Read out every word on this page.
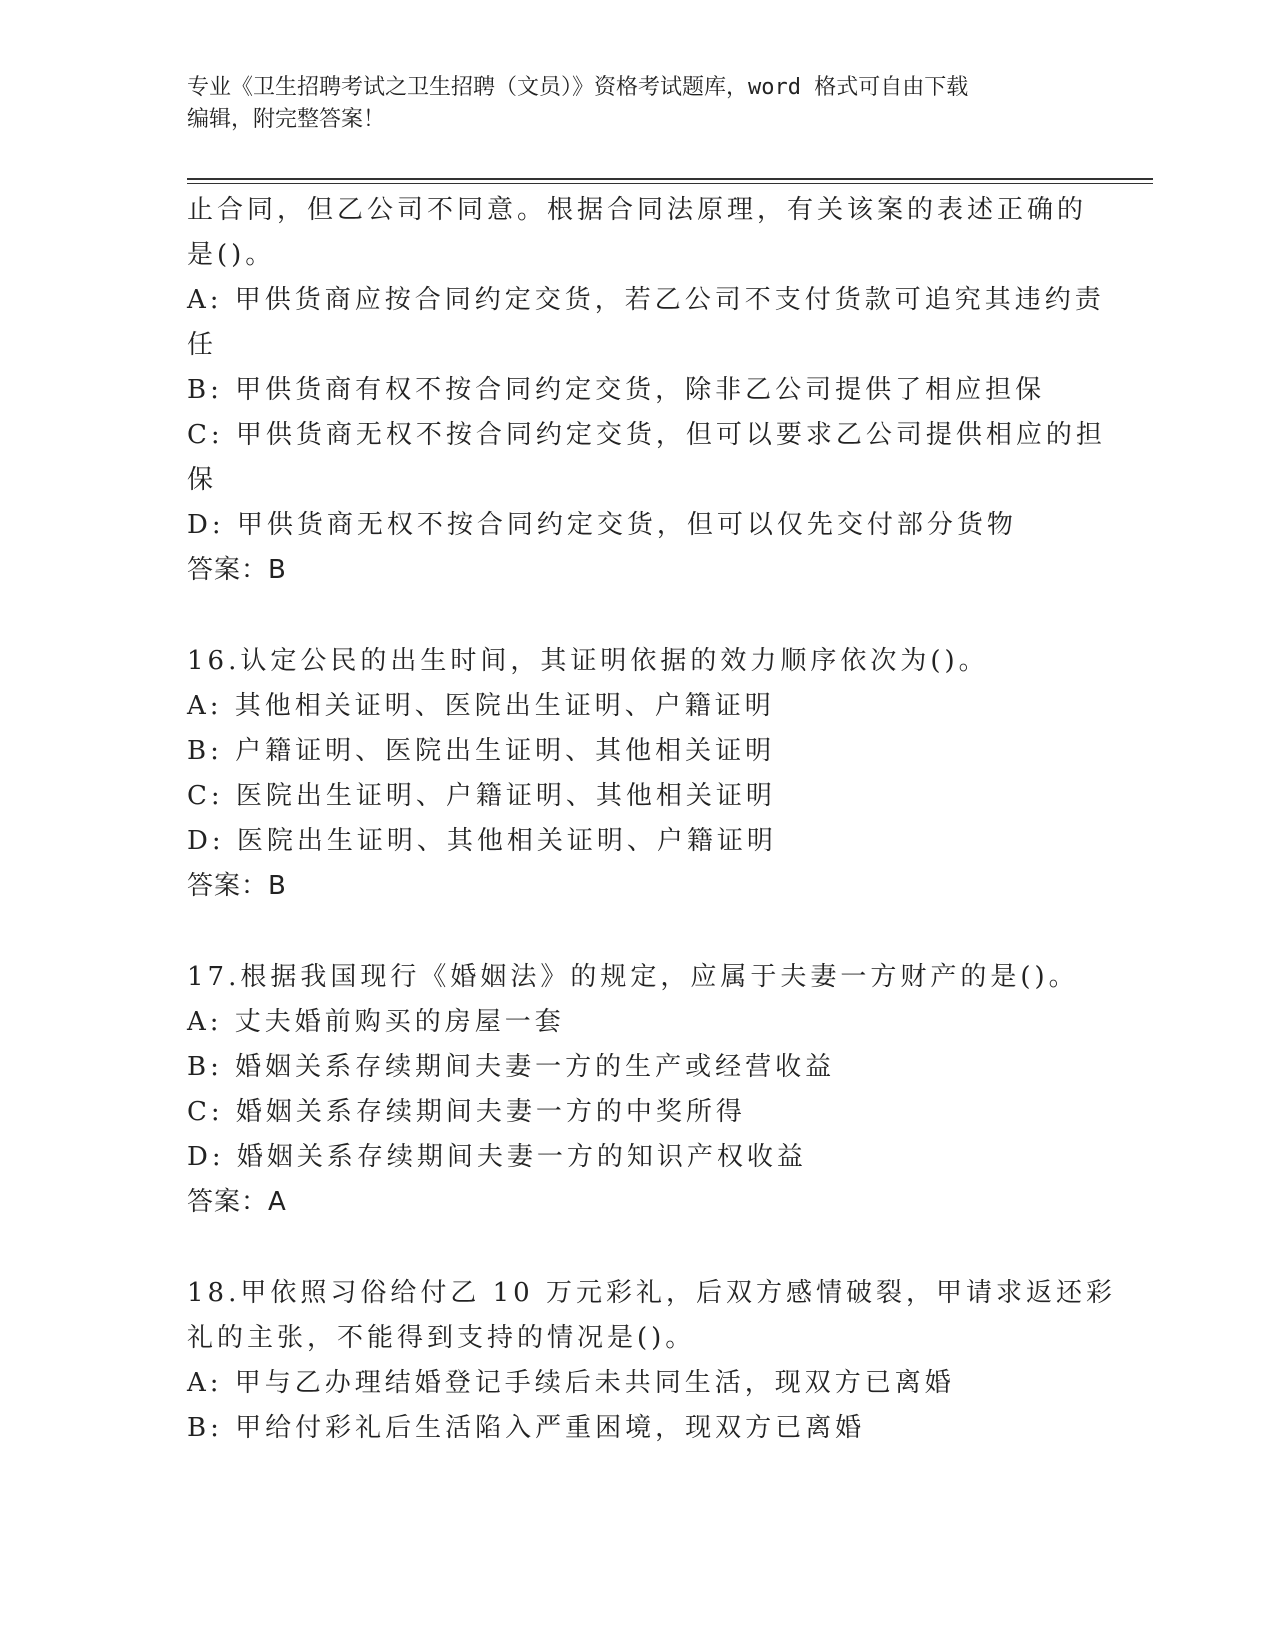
专业《卫生招聘考试之卫生招聘（文员）》资格考试题库，word 格式可自由下载
编辑，附完整答案！
止合同，但乙公司不同意。根据合同法原理，有关该案的表述正确的
是()。
A: 甲供货商应按合同约定交货，若乙公司不支付货款可追究其违约责
任
B: 甲供货商有权不按合同约定交货，除非乙公司提供了相应担保
C: 甲供货商无权不按合同约定交货，但可以要求乙公司提供相应的担
保
D: 甲供货商无权不按合同约定交货，但可以仅先交付部分货物
答案：B
16.认定公民的出生时间，其证明依据的效力顺序依次为()。
A: 其他相关证明、医院出生证明、户籍证明
B: 户籍证明、医院出生证明、其他相关证明
C: 医院出生证明、户籍证明、其他相关证明
D: 医院出生证明、其他相关证明、户籍证明
答案：B
17.根据我国现行《婚姻法》的规定，应属于夫妻一方财产的是()。
A: 丈夫婚前购买的房屋一套
B: 婚姻关系存续期间夫妻一方的生产或经营收益
C: 婚姻关系存续期间夫妻一方的中奖所得
D: 婚姻关系存续期间夫妻一方的知识产权收益
答案：A
18.甲依照习俗给付乙 10 万元彩礼，后双方感情破裂，甲请求返还彩
礼的主张，不能得到支持的情况是()。
A: 甲与乙办理结婚登记手续后未共同生活，现双方已离婚
B: 甲给付彩礼后生活陷入严重困境，现双方已离婚
